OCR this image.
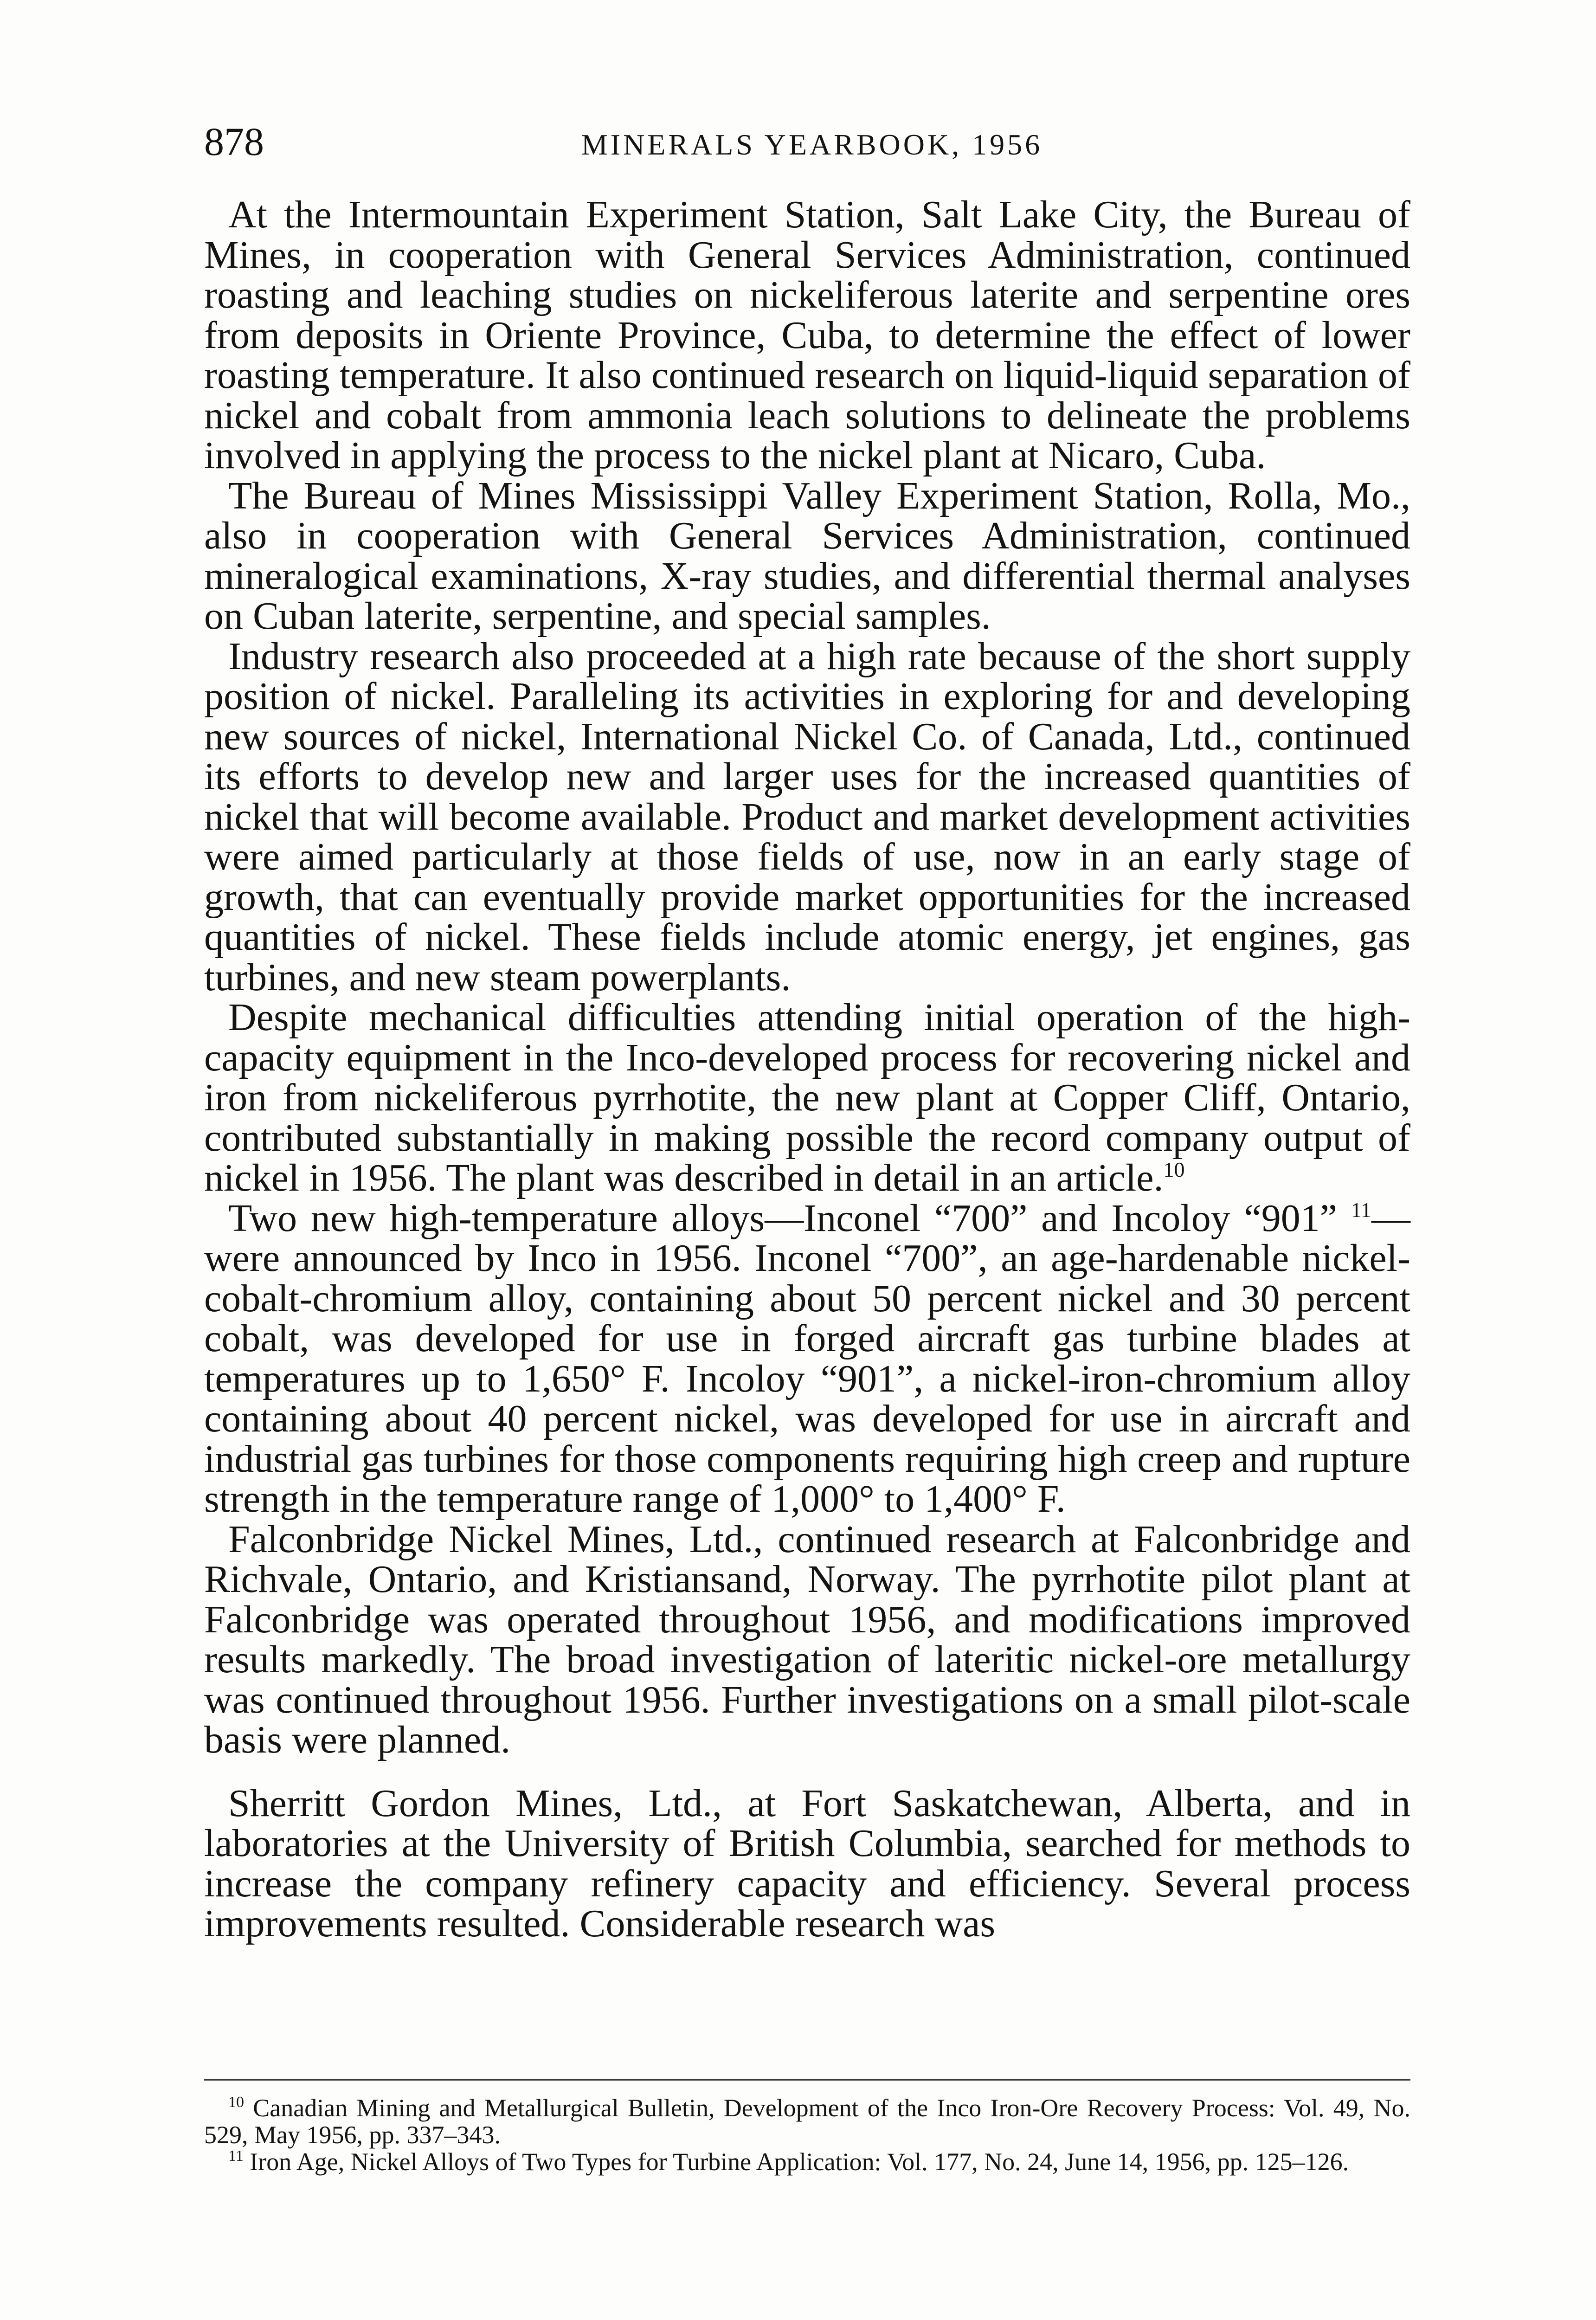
878	MINERALS YEARBOOK, 1956

At the Intermountain Experiment Station, Salt Lake City, the Bureau of Mines, in cooperation with General Services Administration, continued roasting and leaching studies on nickeliferous laterite and serpentine ores from deposits in Oriente Province, Cuba, to determine the effect of lower roasting temperature. It also continued research on liquid-liquid separation of nickel and cobalt from ammonia leach solutions to delineate the problems involved in applying the process to the nickel plant at Nicaro, Cuba.

The Bureau of Mines Mississippi Valley Experiment Station, Rolla, Mo., also in cooperation with General Services Administration, continued mineralogical examinations, X-ray studies, and differential thermal analyses on Cuban laterite, serpentine, and special samples.

Industry research also proceeded at a high rate because of the short supply position of nickel. Paralleling its activities in exploring for and developing new sources of nickel, International Nickel Co. of Canada, Ltd., continued its efforts to develop new and larger uses for the increased quantities of nickel that will become available. Product and market development activities were aimed particularly at those fields of use, now in an early stage of growth, that can eventually provide market opportunities for the increased quantities of nickel. These fields include atomic energy, jet engines, gas turbines, and new steam powerplants.

Despite mechanical difficulties attending initial operation of the high-capacity equipment in the Inco-developed process for recovering nickel and iron from nickeliferous pyrrhotite, the new plant at Copper Cliff, Ontario, contributed substantially in making possible the record company output of nickel in 1956. The plant was described in detail in an article.$^{10}$

Two new high-temperature alloys—Inconel “700” and Incoloy “901” $^{11}$—were announced by Inco in 1956. Inconel “700”, an age-hardenable nickel-cobalt-chromium alloy, containing about 50 percent nickel and 30 percent cobalt, was developed for use in forged aircraft gas turbine blades at temperatures up to 1,650° F. Incoloy “901”, a nickel-iron-chromium alloy containing about 40 percent nickel, was developed for use in aircraft and industrial gas turbines for those components requiring high creep and rupture strength in the temperature range of 1,000° to 1,400° F.

Falconbridge Nickel Mines, Ltd., continued research at Falconbridge and Richvale, Ontario, and Kristiansand, Norway. The pyrrhotite pilot plant at Falconbridge was operated throughout 1956, and modifications improved results markedly. The broad investigation of lateritic nickel-ore metallurgy was continued throughout 1956. Further investigations on a small pilot-scale basis were planned.

Sherritt Gordon Mines, Ltd., at Fort Saskatchewan, Alberta, and in laboratories at the University of British Columbia, searched for methods to increase the company refinery capacity and efficiency. Several process improvements resulted. Considerable research was

$^{10}$ Canadian Mining and Metallurgical Bulletin, Development of the Inco Iron-Ore Recovery Process: Vol. 49, No. 529, May 1956, pp. 337–343.

$^{11}$ Iron Age, Nickel Alloys of Two Types for Turbine Application: Vol. 177, No. 24, June 14, 1956, pp. 125–126.
